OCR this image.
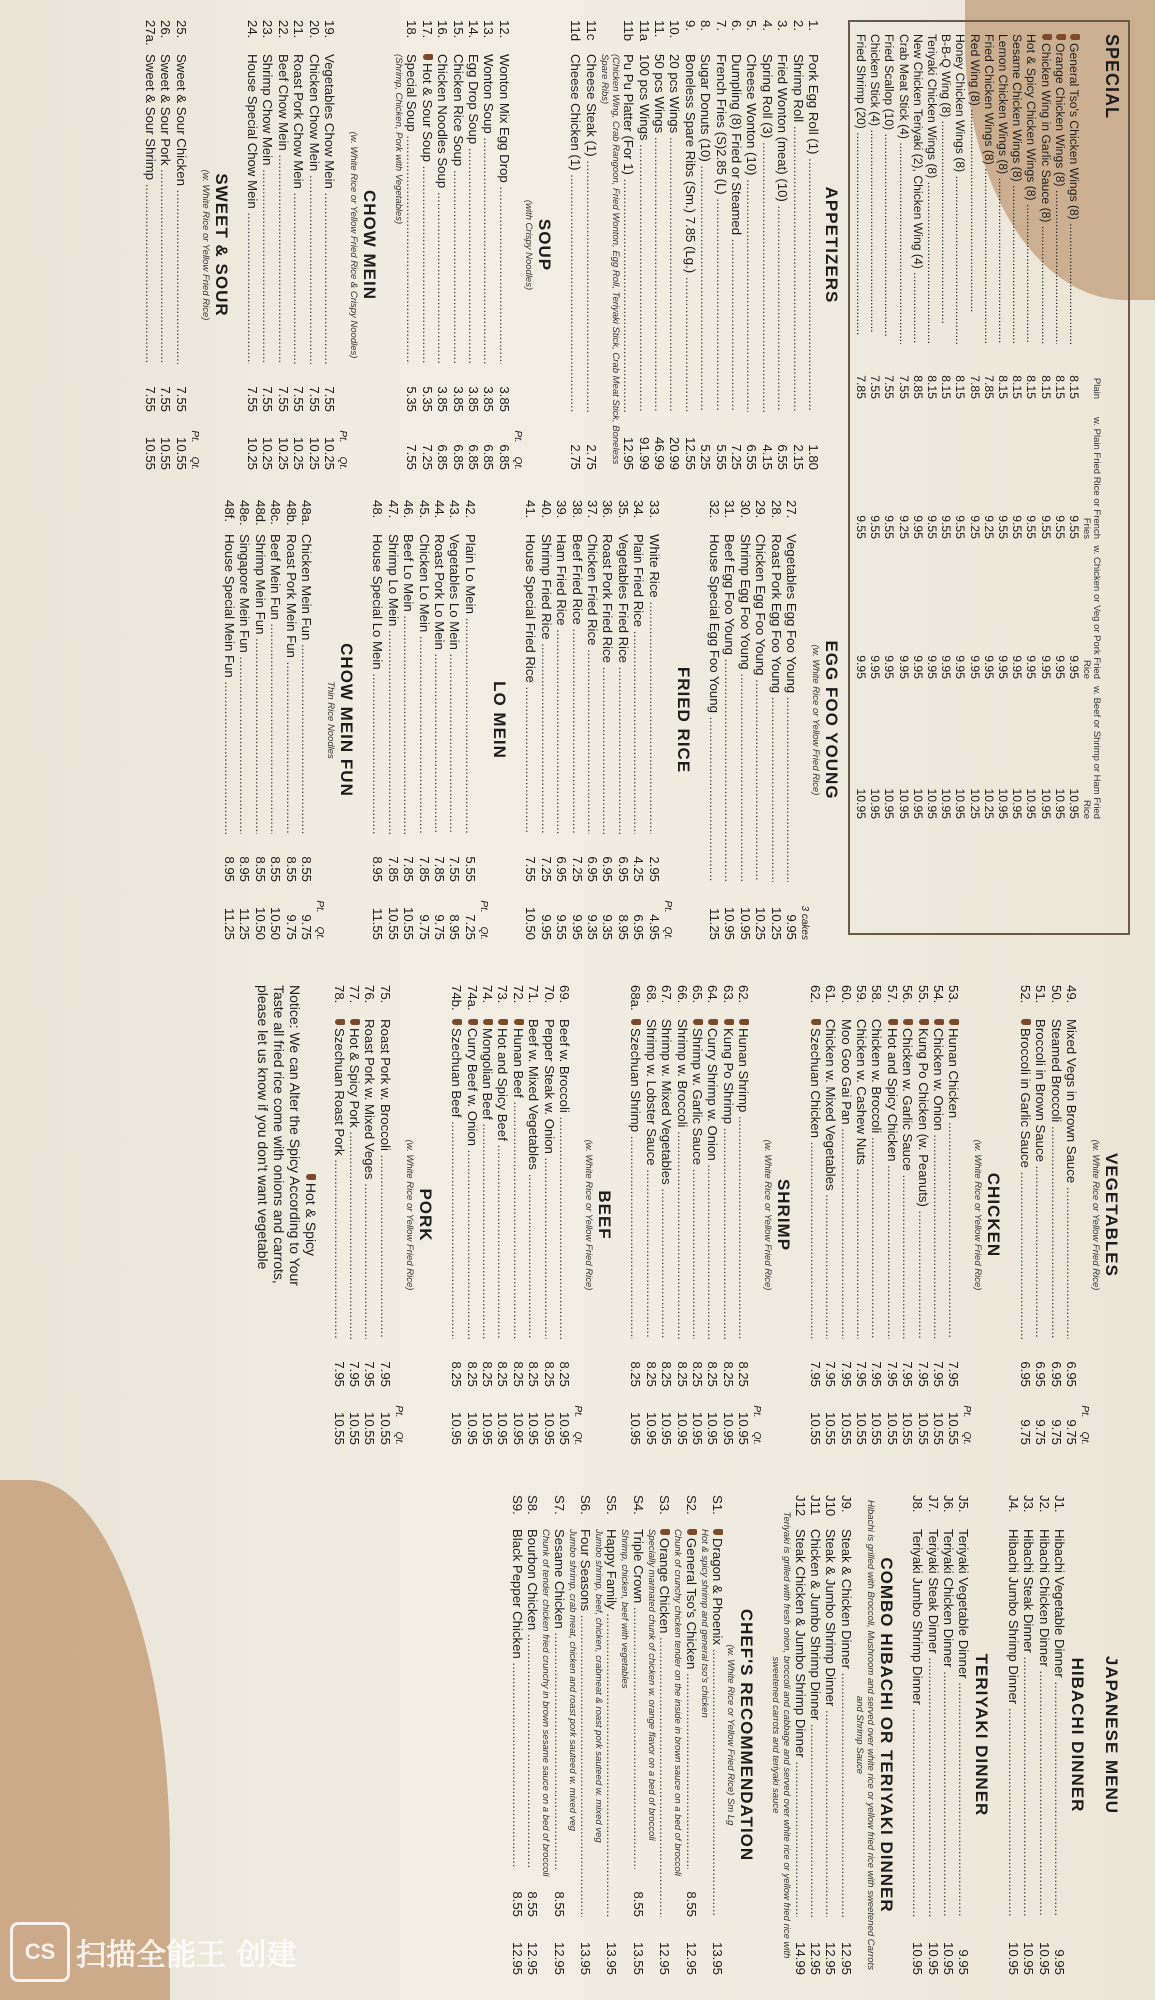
SPECIAL
Plain
w. Plain Fried Rice or French Fries
w. Chicken or Veg or Pork Fried Rice
w. Beef or Shrimp or Ham Fried Rice
General Tso's Chicken Wings (8) .....
8.15
9.55
9.95
10.95
Orange Chicken Wings (8) .....
8.15
9.55
9.95
10.95
Chicken Wing in Garlic Sauce (8) .....
8.15
9.55
9.95
10.95
Hot & Spicy Chicken Wings (8) .....
8.15
9.55
9.95
10.95
Sesame Chicken Wings (8) .....
8.15
9.55
9.95
10.95
Lemon Chicken Wings (8) .....
8.15
9.55
9.95
10.95
Fried Chicken Wings (8) .....
7.85
9.25
9.95
10.25
Red Wing (8) .....
7.85
9.25
9.95
10.25
Honey Chicken Wings (8) .....
8.15
9.55
9.95
10.95
B-B-Q Wing (8) .....
8.15
9.55
9.95
10.95
Teriyaki Chicken Wings (8) .....
8.15
9.55
9.95
10.95
New Chicken Teriyaki (2), Chicken Wing (4) .....
8.85
9.95
9.95
10.95
Crab Meat Stick (4) .....
7.55
9.25
9.95
10.95
Fried Scallop (10) .....
7.55
9.55
9.95
10.95
Chicken Stick (4) .....
7.55
9.55
9.95
10.95
Fried Shrimp (20) .....
7.85
9.55
9.95
10.95
APPETIZERS
1.
Pork Egg Roll (1) .....
1.80
2.
Shrimp Roll .....
2.15
3.
Fried Wonton (meat) (10) .....
6.55
4.
Spring Roll (3) .....
4.15
5.
Cheese Wonton (10) .....
6.55
6.
Dumpling (8) Fried or Steamed .....
7.25
7.
French Fries (S)2.85 (L) .....
5.55
8.
Sugar Donuts (10) .....
5.25
9.
Boneless Spare Ribs (Sm.) 7.85 (Lg.) .....
12.55
10.
20 pcs Wings .....
20.99
11.
50 pcs Wings .....
46.99
11a
100 pcs Wings .....
91.99
11b
Pu Pu Platter (For 1) .....
12.95
(Chicken Wing, Crab Rangoon, Fried Wonton, Egg Roll, Teriyaki Stick, Crab Meat Stick, Boneless Spare Ribs)
11c
Cheese Steak (1) .....
2.75
11d
Cheese Chicken (1) .....
2.75
SOUP
(with Crispy Noodles)
Pt.
Qt.
12.
Wonton Mix Egg Drop .....
3.85
6.85
13.
Wonton Soup .....
3.85
6.85
14.
Egg Drop Soup .....
3.85
6.85
15.
Chicken Rice Soup .....
3.85
6.85
16.
Chicken Noodles Soup .....
3.85
6.85
17.
Hot & Sour Soup .....
5.35
7.25
18.
Special Soup .....
5.35
7.55
(Shrimp, Chicken, Pork with Vegetables)
CHOW MEIN
(w. White Rice or Yellow Fried Rice & Crispy Noodles)
Pt.
Qt.
19.
Vegetables Chow Mein .....
7.55
10.25
20.
Chicken Chow Mein .....
7.55
10.25
21.
Roast Pork Chow Mein .....
7.55
10.25
22.
Beef Chow Mein .....
7.55
10.25
23.
Shrimp Chow Mein .....
7.55
10.25
24.
House Special Chow Mein .....
7.55
10.25
SWEET & SOUR
(w. White Rice or Yellow Fried Rice)
Pt.
Qt.
25.
Sweet & Sour Chicken .....
7.55
10.55
26.
Sweet & Sour Pork .....
7.55
10.55
27a.
Sweet & Sour Shrimp .....
7.55
10.55
EGG FOO YOUNG
(w. White Rice or Yellow Fried Rice)
3 cakes
27.
Vegetables Egg Foo Young .....
9.95
28.
Roast Pork Egg Foo Young .....
10.25
29.
Chicken Egg Foo Young .....
10.25
30.
Shrimp Egg Foo Young .....
10.95
31.
Beef Egg Foo Young .....
10.95
32.
House Special Egg Foo Young .....
11.25
FRIED RICE
Pt.
Qt.
33.
White Rice .....
2.95
4.95
34.
Plain Fried Rice .....
4.25
6.95
35.
Vegetables Fried Rice .....
6.95
8.95
36.
Roast Pork Fried Rice .....
6.95
9.35
37.
Chicken Fried Rice .....
6.95
9.35
38.
Beef Fried Rice .....
7.25
9.95
39.
Ham Fried Rice .....
6.95
9.55
40.
Shrimp Fried Rice .....
7.25
9.95
41.
House Special Fried Rice .....
7.55
10.50
LO MEIN
Pt.
Qt.
42.
Plain Lo Mein .....
5.55
7.25
43.
Vegetables Lo Mein .....
7.55
8.95
44.
Roast Pork Lo Mein .....
7.85
9.75
45.
Chicken Lo Mein .....
7.85
9.75
46.
Beef Lo Mein .....
7.85
10.55
47.
Shrimp Lo Mein .....
7.85
10.55
48.
House Special Lo Mein .....
8.95
11.55
CHOW MEIN FUN
Thin Rice Noodles
Pt.
Qt.
48a.
Chicken Mein Fun .....
8.55
9.75
48b.
Roast Pork Mein Fun .....
8.55
9.75
48c.
Beef Mein Fun .....
8.55
10.50
48d.
Shrimp Mein Fun .....
8.55
10.50
48e.
Singapore Mein Fun .....
8.95
11.25
48f.
House Special Mein Fun .....
8.95
11.25
VEGETABLES
(w. White Rice or Yellow Fried Rice)
Pt.
Qt.
49.
Mixed Vegs in Brown Sauce .....
6.95
9.75
50.
Steamed Broccoli .....
6.95
9.75
51.
Broccoli in Brown Sauce .....
6.95
9.75
52.
Broccoli in Garlic Sauce .....
6.95
9.75
CHICKEN
(w. White Rice or Yellow Fried Rice)
Pt.
Qt.
53.
Hunan Chicken .....
7.95
10.55
54.
Chicken w. Onion .....
7.95
10.55
55.
Kung Po Chicken (w. Peanuts) .....
7.95
10.55
56.
Chicken w. Garlic Sauce .....
7.95
10.55
57.
Hot and Spicy Chicken .....
7.95
10.55
58.
Chicken w. Broccoli .....
7.95
10.55
59.
Chicken w. Cashew Nuts .....
7.95
10.55
60.
Moo Goo Gai Pan .....
7.95
10.55
61.
Chicken w. Mixed Vegetables .....
7.95
10.55
62.
Szechuan Chicken .....
7.95
10.55
SHRIMP
(w. White Rice or Yellow Fried Rice)
Pt.
Qt.
62.
Hunan Shrimp .....
8.25
10.95
63.
Kung Po Shrimp .....
8.25
10.95
64.
Curry Shrimp w. Onion .....
8.25
10.95
65.
Shrimp w. Garlic Sauce .....
8.25
10.95
66.
Shrimp w. Broccoli .....
8.25
10.95
67.
Shrimp w. Mixed Vegetables .....
8.25
10.95
68.
Shrimp w. Lobster Sauce .....
8.25
10.95
68a.
Szechuan Shrimp .....
8.25
10.95
BEEF
(w. White Rice or Yellow Fried Rice)
Pt.
Qt.
69.
Beef w. Broccoli .....
8.25
10.95
70.
Pepper Steak w. Onion .....
8.25
10.95
71.
Beef w. Mixed Vegetables .....
8.25
10.95
72.
Hunan Beef .....
8.25
10.95
73.
Hot and Spicy Beef .....
8.25
10.95
74.
Mongolian Beef .....
8.25
10.95
74a.
Curry Beef w. Onion .....
8.25
10.95
74b.
Szechuan Beef .....
8.25
10.95
PORK
(w. White Rice or Yellow Fried Rice)
Pt.
Qt.
75.
Roast Pork w. Broccoli .....
7.95
10.55
76.
Roast Pork w. Mixed Veges .....
7.95
10.55
77.
Hot & Spicy Pork .....
7.95
10.55
78.
Szechuan Roast Pork .....
7.95
10.55
Hot & Spicy
Notice: We can Alter the Spicy According to Your
Taste all fried rice come with onions and carrots,
please let us know if you don't want vegetable
JAPANESE MENU
HIBACHI DINNER
J1.
Hibachi Vegetable Dinner .....
9.95
J2.
Hibachi Chicken Dinner .....
10.95
J3.
Hibachi Steak Dinner .....
10.95
J4.
Hibachi Jumbo Shrimp Dinner .....
10.95
TERIYAKI DINNER
J5.
Teriyaki Vegetable Dinner .....
9.95
J6.
Teriyaki Chicken Dinner .....
10.95
J7.
Teriyaki Steak Dinner .....
10.95
J8.
Teriyaki Jumbo Shrimp Dinner .....
10.95
COMBO HIBACHI OR TERIYAKI DINNER
Hibachi is grilled with Broccoli, Mushroom and served over white rice or yellow fried rice with sweetened Carrots and Shrimp Sauce
J9.
Steak & Chicken Dinner .....
12.95
J10
Steak & Jumbo Shrimp Dinner .....
12.95
J11
Chicken & Jumbo Shrimp Dinner .....
12.95
J12
Steak Chicken & Jumbo Shrimp Dinner .....
14.99
Teriyaki is grilled with fresh onion, broccoli and cabbage and served over white rice or yellow fried rice with sweetened carrots and teriyaki sauce
CHEF'S RECOMMENDATION
(w. White Rice or Yellow Fried Rice) Sm Lg
S1.
Dragon & Phoenix .....
13.95
Hot & spicy shrimp and general tso's chicken
S2.
General Tso's Chicken .....
8.55
12.95
Chunk of crunchy chicken tender on the inside in brown sauce on a bed of broccoli
S3.
Orange Chicken .....
12.95
Specially marinated chunk of chicken w. orange flavor on a bed of broccoli
S4.
Triple Crown .....
8.55
13.55
Shrimp, chicken, beef with vegetables
S5.
Happy Family .....
13.95
Jumbo shrimp, beef, chicken, crabmeat & roast pork sauteed w. mixed veg
S6.
Four Seasons .....
13.95
Jumbo shrimp, crab meat, chicken and roast pork sauteed w. mixed veg
S7.
Sesame Chicken .....
8.55
12.95
Chunk of tender chicken fried crunchy in brown sesame sauce on a bed of broccoli
S8.
Bourbon Chicken .....
8.55
12.95
S9.
Black Pepper Chicken .....
8.55
12.95
CS 扫描全能王 创建
